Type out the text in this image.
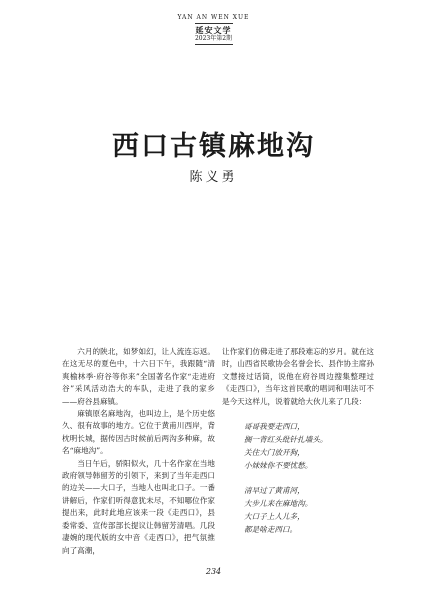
YAN AN WEN XUE
延安文学
2023年第2期
西口古镇麻地沟
陈义勇

六月的陕北，如梦如幻，让人流连忘返。在这无尽的夏色中，十六日下午，我跟随“清爽榆林季·府谷等你来”全国著名作家“走进府谷”采风活动浩大的车队，走进了我的家乡——府谷县麻镇。

麻镇原名麻地沟，也叫边上，是个历史悠久、很有故事的地方。它位于黄甫川西岸，背枕明长城，据传因古时候前后两沟多种麻，故名“麻地沟”。

当日午后，骄阳似火，几十名作家在当地政府领导韩留芳的引领下，来到了当年走西口的边关——大口子，当地人也叫北口子。一番讲解后，作家们听得意犹未尽，不知哪位作家提出来，此时此地应该来一段《走西口》，县委常委、宣传部部长提议让韩留芳清唱。几段凄婉的现代版的女中音《走西口》，把气氛推向了高潮，

让作家们仿佛走进了那段难忘的岁月。就在这时，山西省民歌协会名誉会长、县作协主席孙文慧接过话筒，说他在府谷周边搜集整理过《走西口》，当年这首民歌的唱词和唱法可不是今天这样儿，说着就给大伙儿来了几段：

哥哥我要走西口，
搁一背红头纰针扎墙头。
关住大门放开狗，
小妹妹你不要忧愁。
清早过了黄甫河，
大步儿来在麻地沟。
大口子上人儿多，
都是啥走西口。
234
